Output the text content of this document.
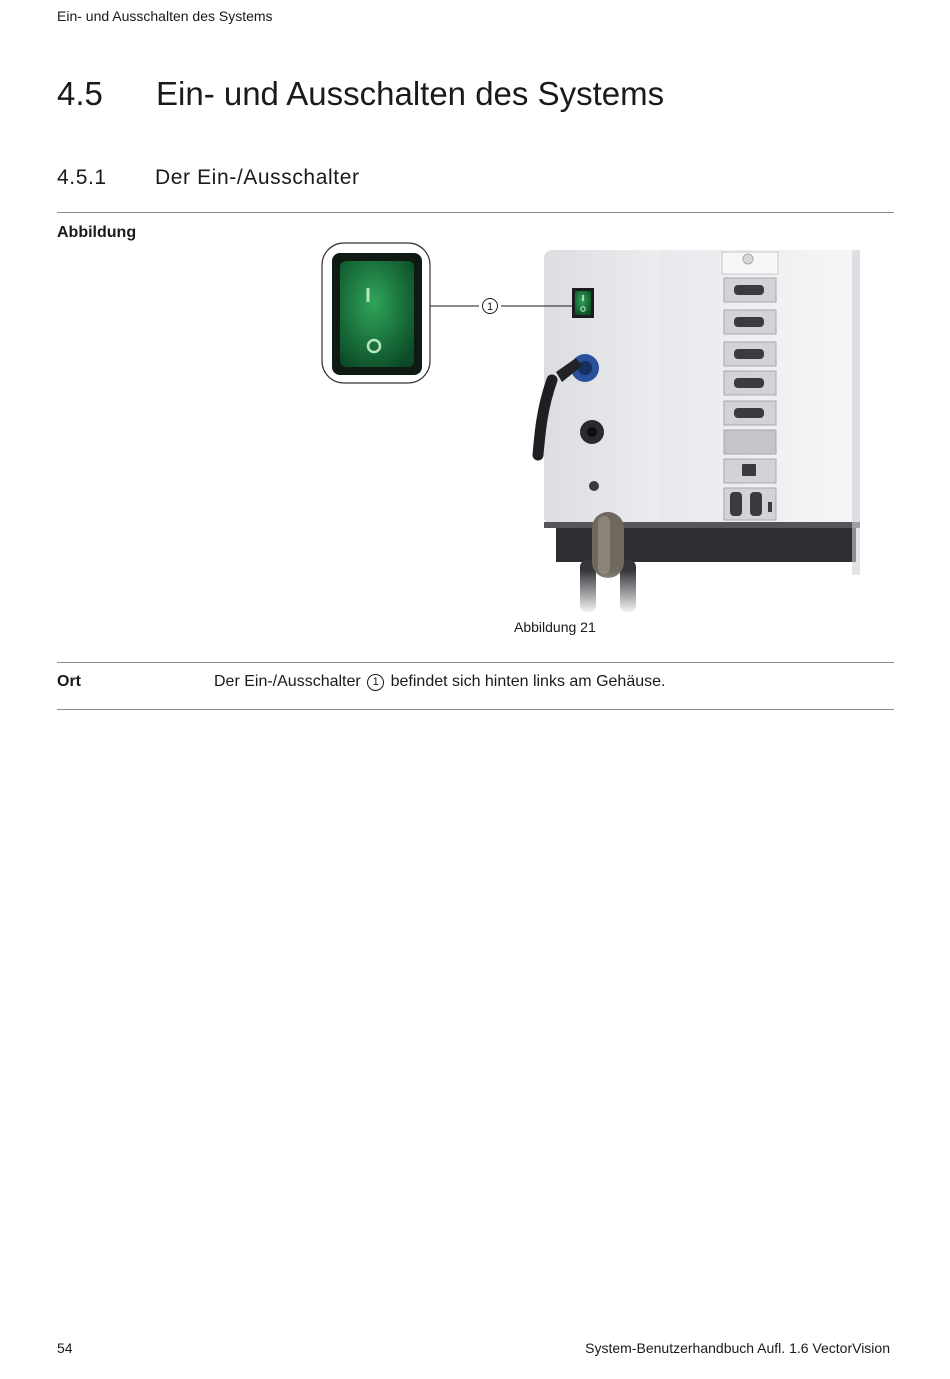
Ein- und Ausschalten des Systems
4.5 Ein- und Ausschalten des Systems
4.5.1 Der Ein-/Ausschalter
Abbildung
1
Abbildung 21
Ort	Der Ein-/Ausschalter 1 befindet sich hinten links am Gehäuse.
54	System-Benutzerhandbuch Aufl. 1.6 VectorVision
